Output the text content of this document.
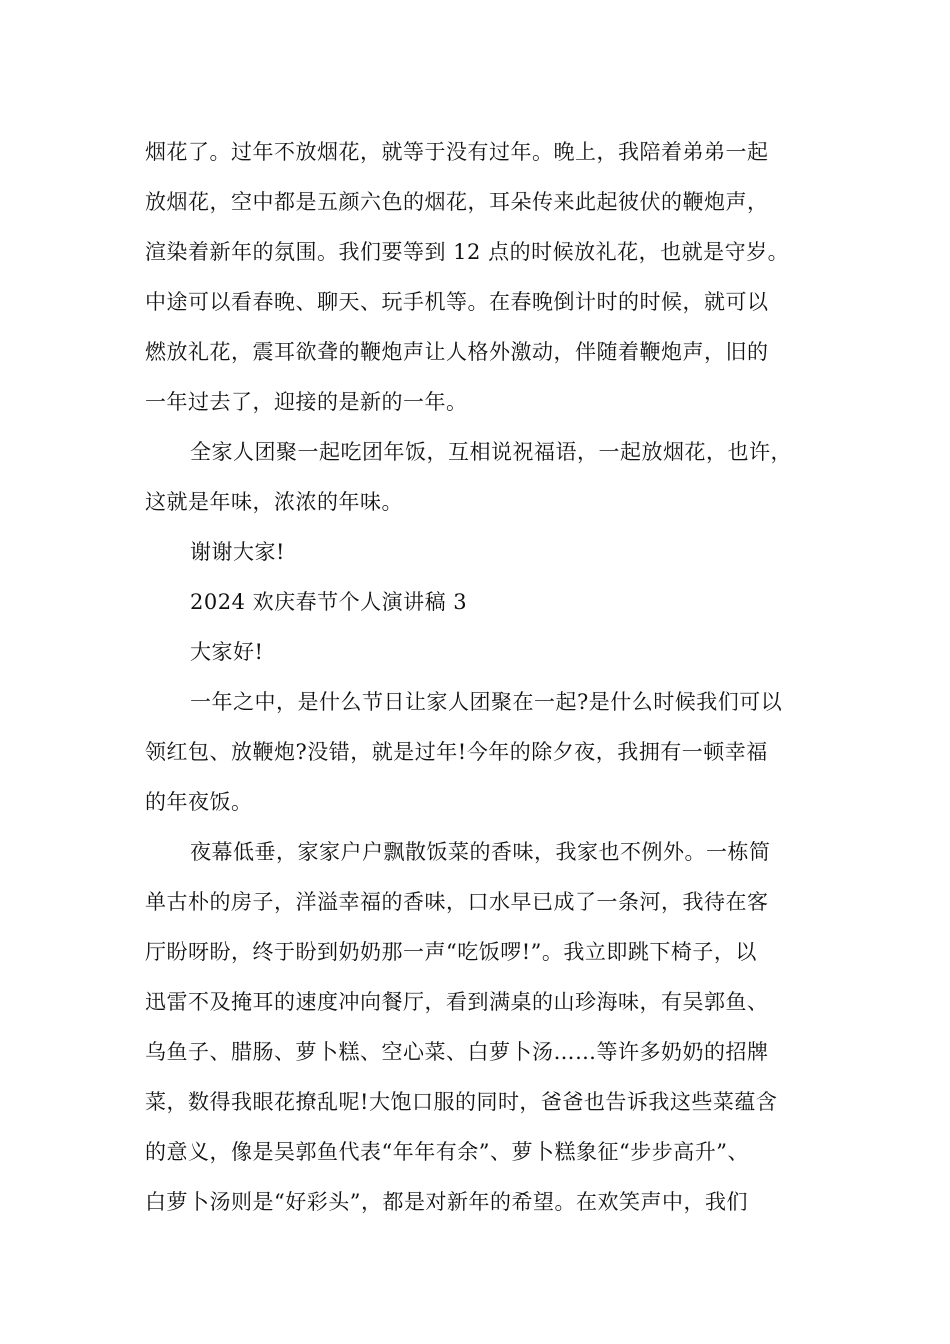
烟花了。过年不放烟花，就等于没有过年。晚上，我陪着弟弟一起
放烟花，空中都是五颜六色的烟花，耳朵传来此起彼伏的鞭炮声，
渲染着新年的氛围。我们要等到 12 点的时候放礼花，也就是守岁。
中途可以看春晚、聊天、玩手机等。在春晚倒计时的时候，就可以
燃放礼花，震耳欲聋的鞭炮声让人格外激动，伴随着鞭炮声，旧的
一年过去了，迎接的是新的一年。
全家人团聚一起吃团年饭，互相说祝福语，一起放烟花，也许，
这就是年味，浓浓的年味。
谢谢大家!
2024 欢庆春节个人演讲稿 3
大家好!
一年之中，是什么节日让家人团聚在一起?是什么时候我们可以
领红包、放鞭炮?没错，就是过年!今年的除夕夜，我拥有一顿幸福
的年夜饭。
夜幕低垂，家家户户飘散饭菜的香味，我家也不例外。一栋简
单古朴的房子，洋溢幸福的香味，口水早已成了一条河，我待在客
厅盼呀盼，终于盼到奶奶那一声“吃饭啰!”。我立即跳下椅子，以
迅雷不及掩耳的速度冲向餐厅，看到满桌的山珍海味，有吴郭鱼、
乌鱼子、腊肠、萝卜糕、空心菜、白萝卜汤……等许多奶奶的招牌
菜，数得我眼花撩乱呢!大饱口服的同时，爸爸也告诉我这些菜蕴含
的意义，像是吴郭鱼代表“年年有余”、萝卜糕象征“步步高升”、
白萝卜汤则是“好彩头”，都是对新年的希望。在欢笑声中，我们
